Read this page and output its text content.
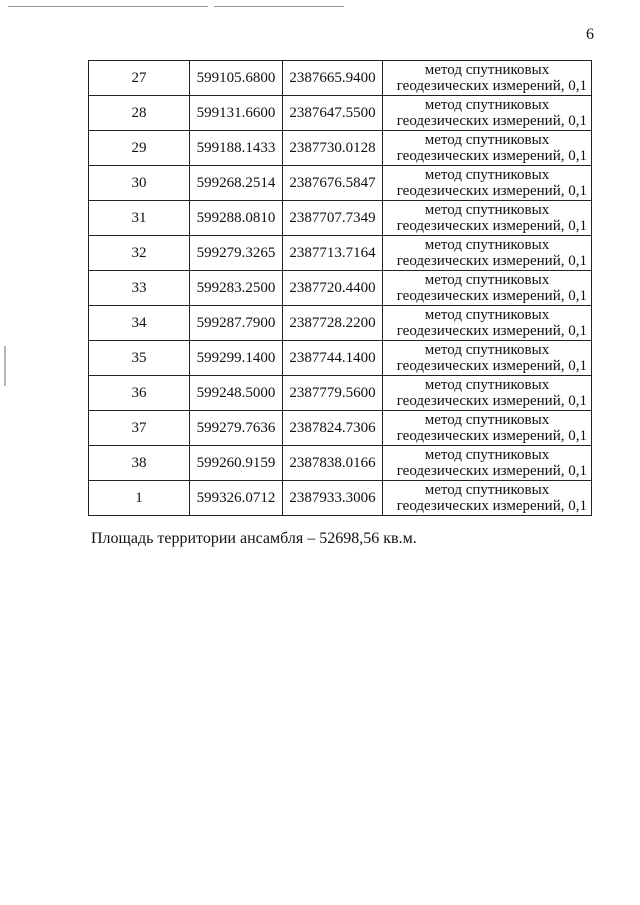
6
27	599105.6800	2387665.9400	метод спутниковых
геодезических измерений, 0,1

28	599131.6600	2387647.5500	метод спутниковых
геодезических измерений, 0,1

29	599188.1433	2387730.0128	метод спутниковых
геодезических измерений, 0,1

30	599268.2514	2387676.5847	метод спутниковых
геодезических измерений, 0,1

31	599288.0810	2387707.7349	метод спутниковых
геодезических измерений, 0,1

32	599279.3265	2387713.7164	метод спутниковых
геодезических измерений, 0,1

33	599283.2500	2387720.4400	метод спутниковых
геодезических измерений, 0,1

34	599287.7900	2387728.2200	метод спутниковых
геодезических измерений, 0,1

35	599299.1400	2387744.1400	метод спутниковых
геодезических измерений, 0,1

36	599248.5000	2387779.5600	метод спутниковых
геодезических измерений, 0,1

37	599279.7636	2387824.7306	метод спутниковых
геодезических измерений, 0,1

38	599260.9159	2387838.0166	метод спутниковых
геодезических измерений, 0,1

1	599326.0712	2387933.3006	метод спутниковых
геодезических измерений, 0,1
Площадь территории ансамбля – 52698,56 кв.м.
